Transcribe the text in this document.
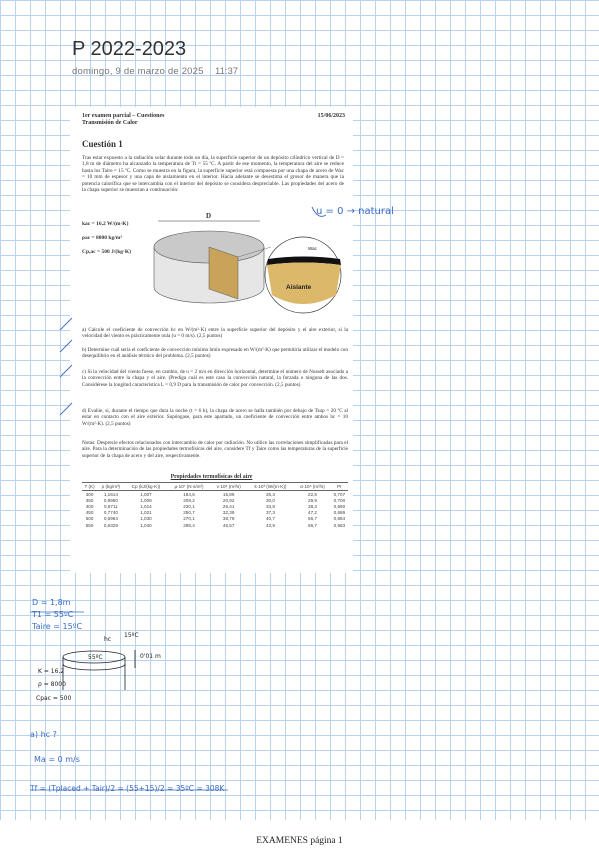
P 2022-2023
domingo, 9 de marzo de 2025 11:37
1er examen parcial – Cuestiones
Transmisión de Calor
15/06/2023
Cuestión 1
Tras estar expuesto a la radiación solar durante todo un día, la superficie superior de un depósito cilíndrico vertical de D = 1,8 m de diámetro ha alcanzado la temperatura de Tt = 55 ºC. A partir de ese momento, la temperatura del aire se reduce hasta los Taire = 15 ºC. Como se muestra en la figura, la superficie superior está compuesta por una chapa de acero de Wac = 10 mm de espesor y una capa de aislamiento en el interior. Hacia adelante se desestima el grosor de manera que la potencia calorífica que se intercambia con el interior del depósito se considera despreciable. Las propiedades del acero de la chapa superior se muestran a continuación:
kac = 16,2 W/(m·K)
ρac = 8000 kg/m³
Cp,ac = 500 J/(kg·K)
D
Aislante
Wac
a) Calcule el coeficiente de convección hc en W/(m²·K) entre la superficie superior del depósito y el aire exterior, si la velocidad del viento es prácticamente nula (u = 0 m/s). (2,5 puntos)
b) Determine cuál sería el coeficiente de convección mínimo hmin expresado en W/(m²·K) que permitiría utilizar el modelo con desequilibrio en el análisis térmico del problema. (2,5 puntos)
c) Si la velocidad del viento fuese, en cambio, de u = 2 m/s en dirección horizontal, determine el número de Nusselt asociado a la convección entre la chapa y el aire. (Prediga cuál es este caso la convección natural, la forzada o ninguna de las dos. Considérese la longitud característica L = 0,9 D para la transmisión de calor por convección. (2,5 puntos)
d) Evalúe, si, durante el tiempo que dura la noche (t = 6 h), la chapa de acero se halla también por debajo de Tsup = 20 ºC al estar en contacto con el aire exterior. Supóngase, para este apartado, un coeficiente de convección entre ambos hc = 10 W/(m²·K). (2,5 puntos)
Notas: Desprecie efectos relacionados con intercambio de calor por radiación. No utilice las correlaciones simplificadas para el aire. Para la determinación de las propiedades termofísicas del aire, considere Tf y Taire como las temperaturas de la superficie superior de la chapa de acero y del aire, respectivamente.
Propiedades termofísicas del aire
T (K)	ρ (kg/m³)	Cp (kJ/(kg·K))	μ·10⁷ (N·s/m²)	ν·10⁶ (m²/s)	k·10³ (W/(m·K))	α·10⁶ (m²/s)	Pr
300	1,1614	1,007	184,6	15,89	26,3	22,5	0,707
350	0,9950	1,009	208,2	20,92	30,0	29,9	0,700
400	0,8711	1,014	230,1	26,41	33,8	38,3	0,690
450	0,7740	1,021	250,7	32,39	37,3	47,2	0,686
500	0,6964	1,030	270,1	38,79	40,7	56,7	0,684
550	0,6329	1,040	288,4	45,57	43,9	66,7	0,683
u = 0 → natural
D = 1,8m
T1 = 55ºC
Taire = 15ºC
hc
15ºC
55ºC	0'01 m
K = 16,2
ρ = 8000
Cpac = 500
a) hc ?
Ma = 0 m/s
Tf = (Tplaced + Tair)/2 = (55+15)/2 = 35ºC = 308K
EXAMENES página 1
